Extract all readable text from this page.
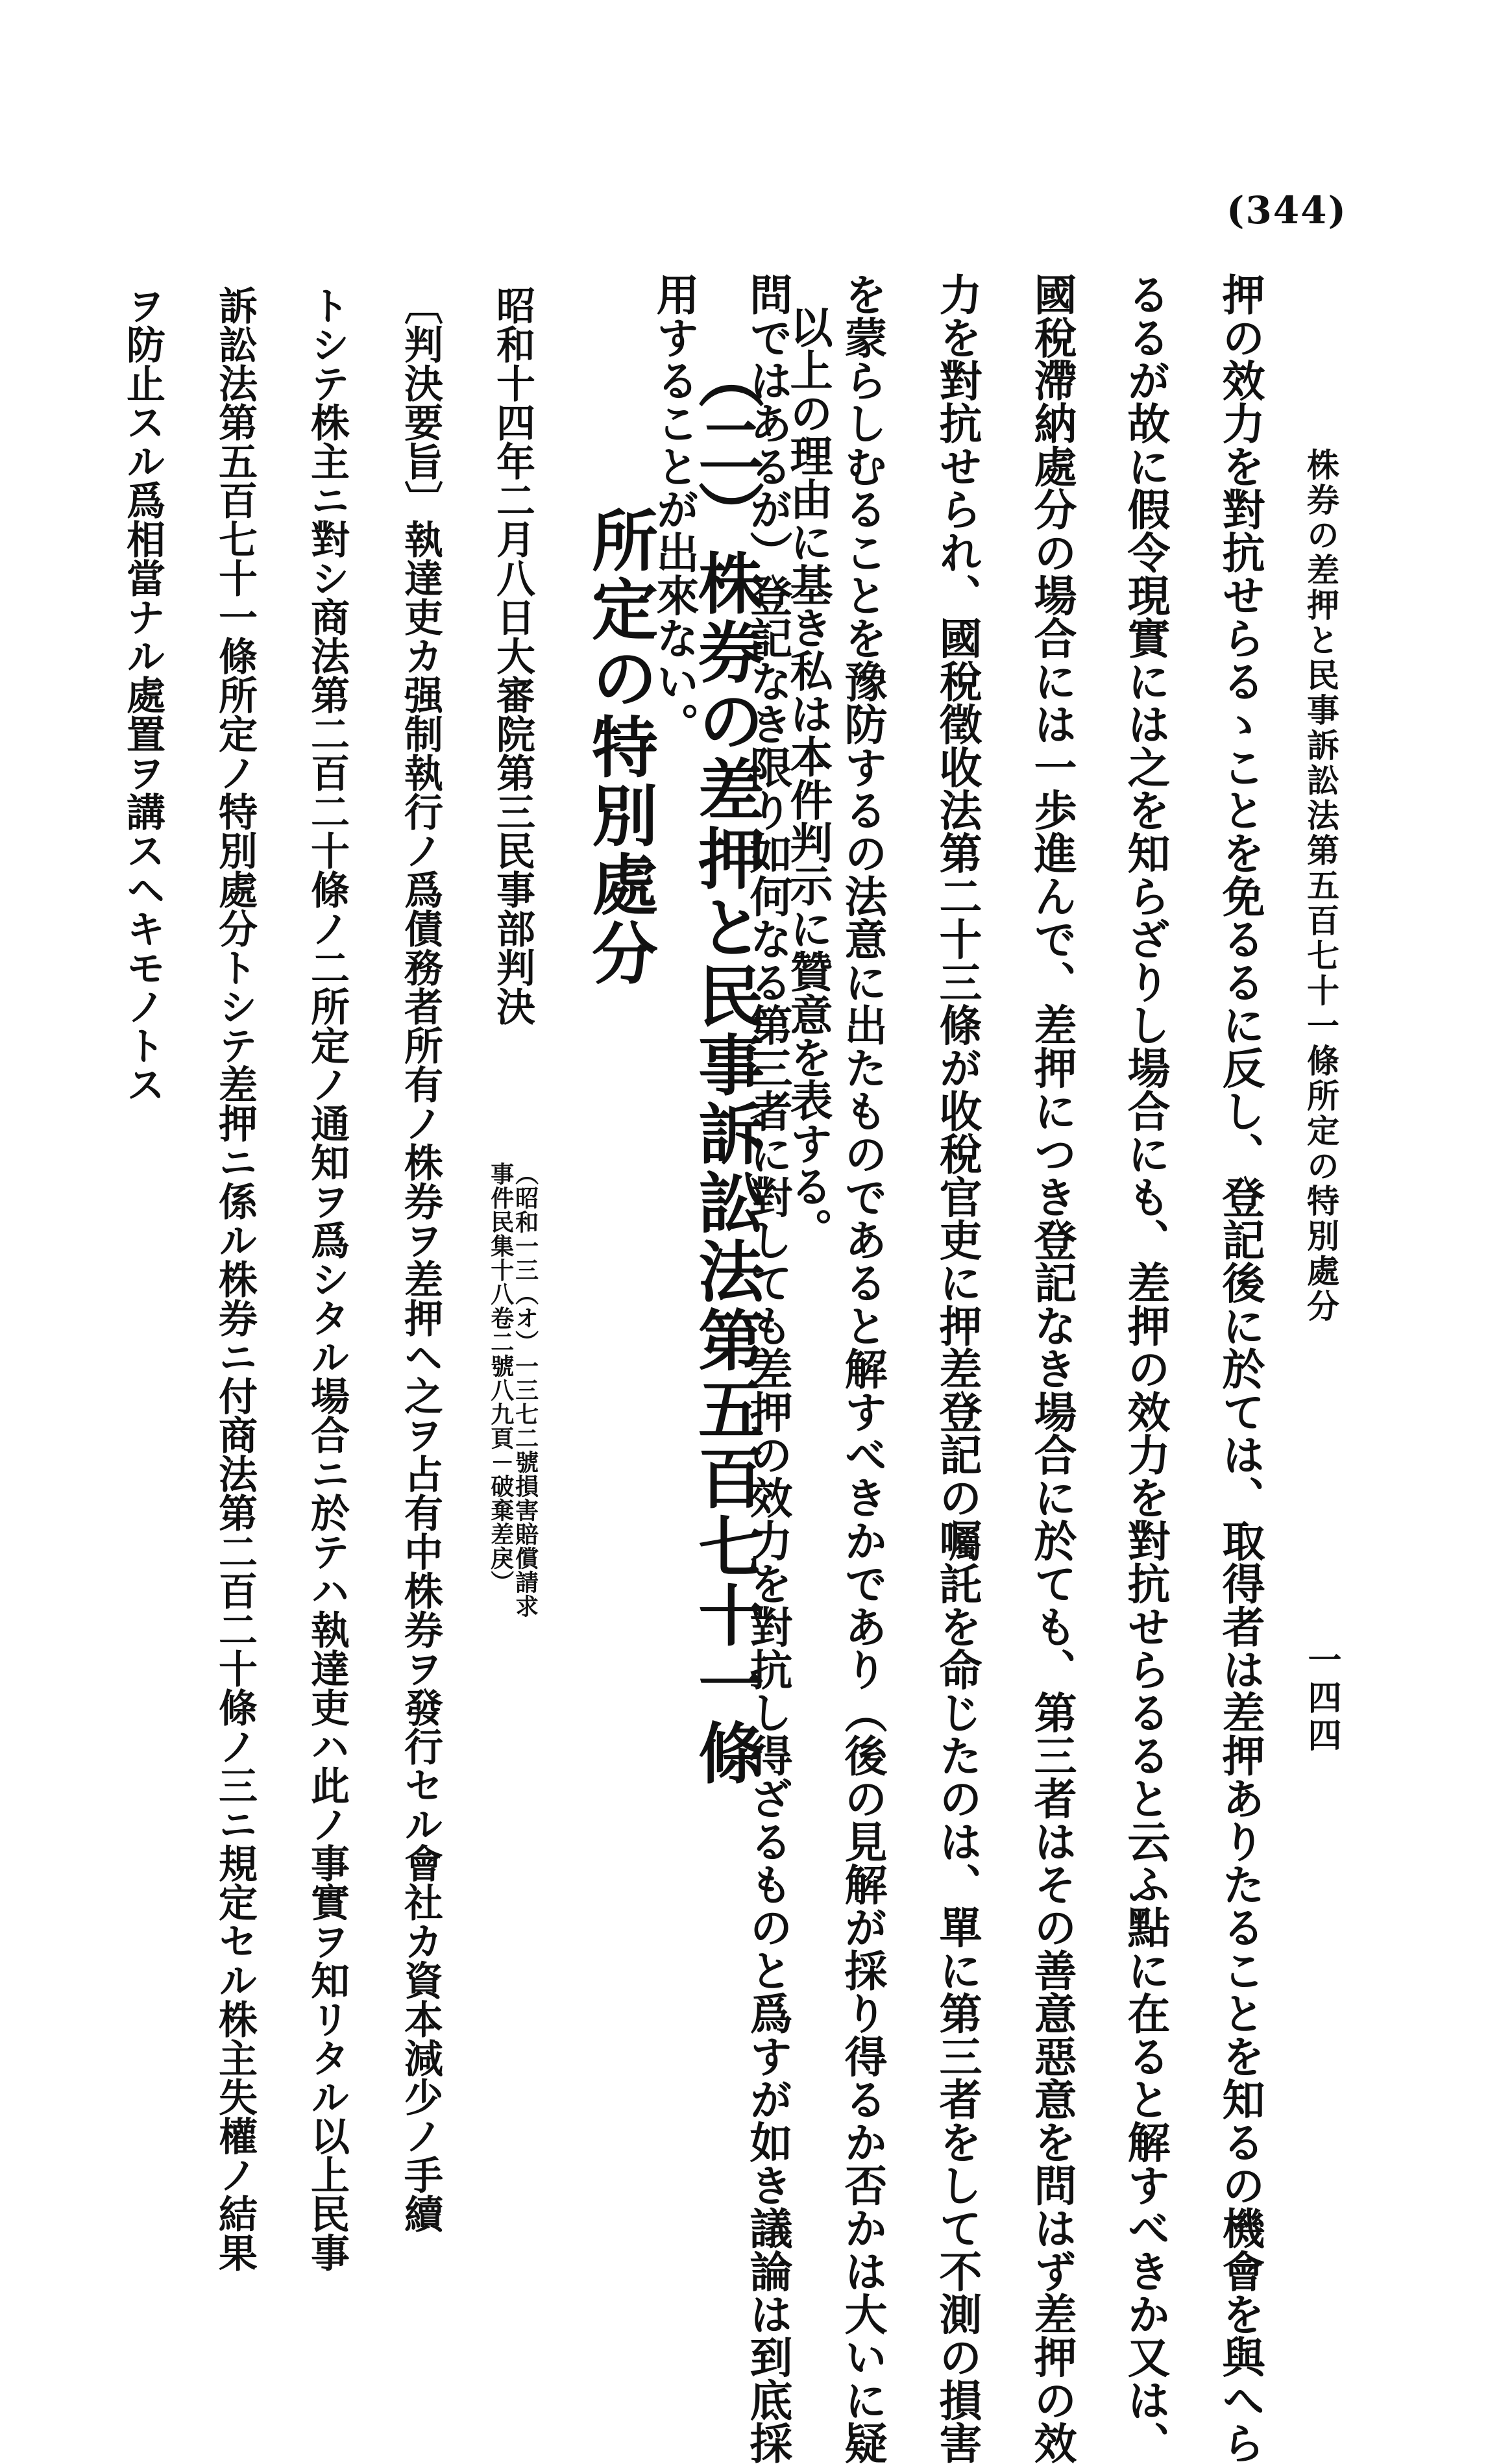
(344)
株券の差押と民事訴訟法第五百七十一條所定の特別處分
一四四
押の效力を對抗せらるゝことを免るるに反し、登記後に於ては、取得者は差押ありたることを知るの機會を與へら
るるが故に假令現實には之を知らざりし場合にも、差押の效力を對抗せらるると云ふ點に在ると解すべきか又は、
國稅滯納處分の場合には一歩進んで、差押につき登記なき場合に於ても、第三者はその善意惡意を問はず差押の效
力を對抗せられ、國稅徵收法第二十三條が收稅官吏に押差登記の囑託を命じたのは、單に第三者をして不測の損害
を蒙らしむることを豫防するの法意に出たものであると解すべきかであり（後の見解が採り得るか否かは大いに疑
問ではあるが）登記なき限り如何なる第三者に對しても差押の效力を對抗し得ざるものと爲すが如き議論は到底採
用することが出來ない。 以上の理由に基き私は本件判示に贊意を表する。
（二）株券の差押と民事訴訟法第五百七十一條
所定の特別處分
昭和十四年二月八日大審院第三民事部判決
（昭和一三（オ）一三七二號損害賠償請求
事件民集十八卷二號八九頁－破棄差戾）
〔判決要旨〕執達吏カ强制執行ノ爲債務者所有ノ株券ヲ差押ヘ之ヲ占有中株券ヲ發行セル會社カ資本減少ノ手續
トシテ株主ニ對シ商法第二百二十條ノ二所定ノ通知ヲ爲シタル場合ニ於テハ執達吏ハ此ノ事實ヲ知リタル以上民事
訴訟法第五百七十一條所定ノ特別處分トシテ差押ニ係ル株券ニ付商法第二百二十條ノ三ニ規定セル株主失權ノ結果
ヲ防止スル爲相當ナル處置ヲ講スヘキモノトス
